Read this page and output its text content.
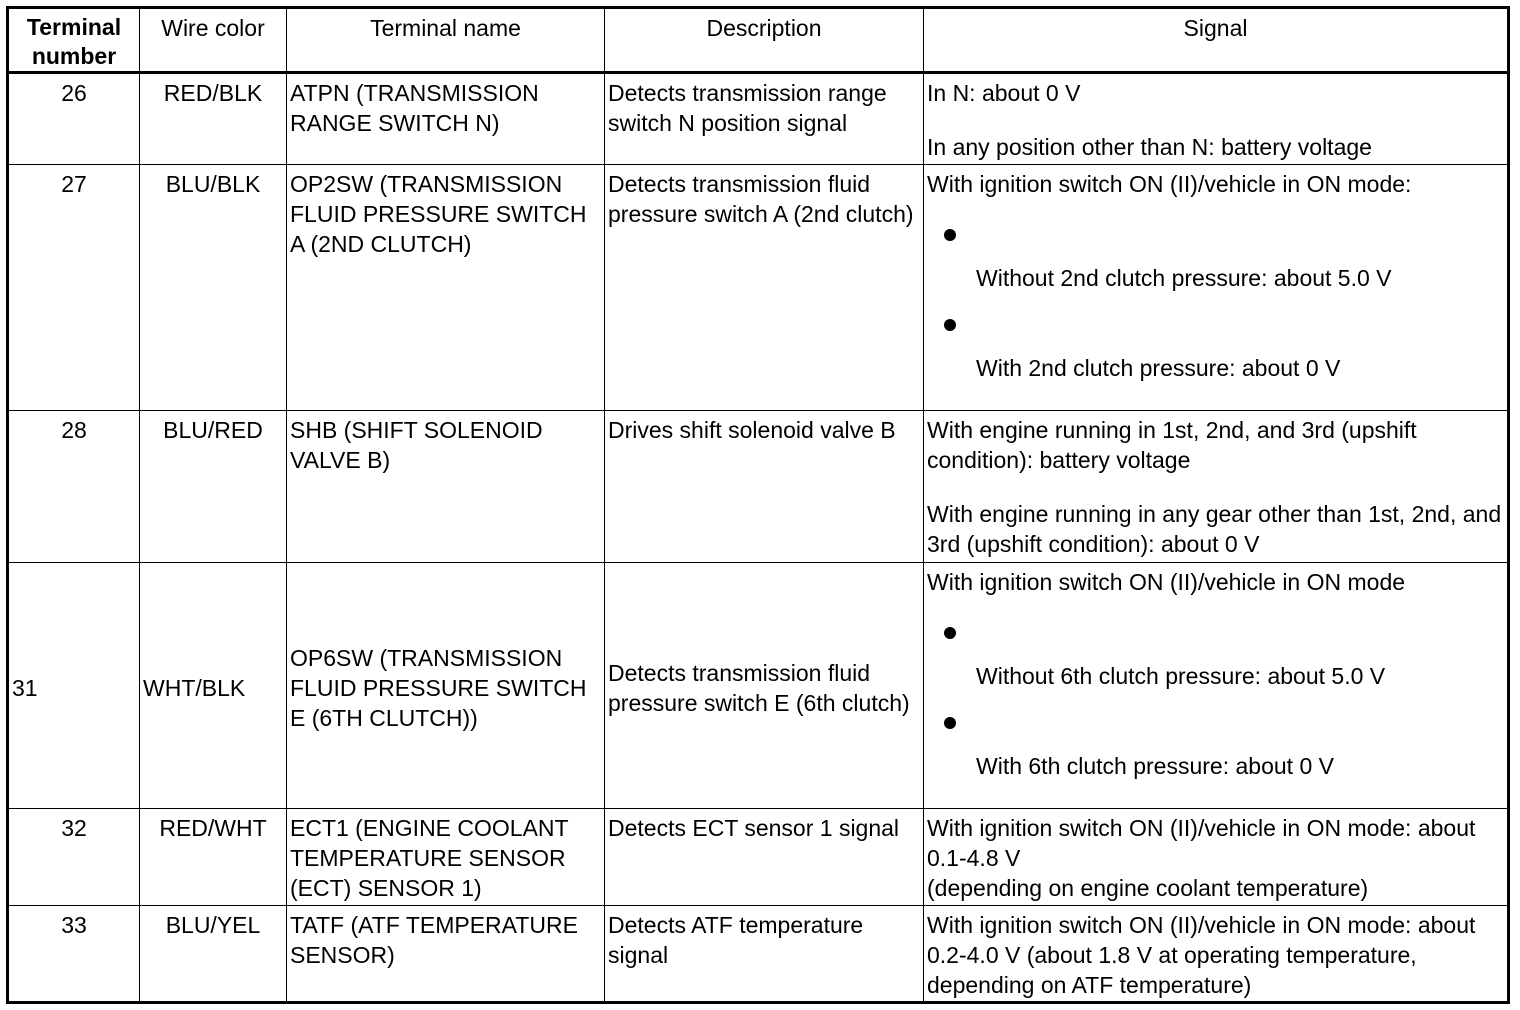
Terminal number	Wire color	Terminal name	Description	Signal
26	RED/BLK	ATPN (TRANSMISSION RANGE SWITCH N)	Detects transmission range switch N position signal	In N: about 0 V

In any position other than N: battery voltage

27	BLU/BLK	OP2SW (TRANSMISSION FLUID PRESSURE SWITCH A (2ND CLUTCH)	Detects transmission fluid pressure switch A (2nd clutch)	With ignition switch ON (II)/vehicle in ON mode:

Without 2nd clutch pressure: about 5.0 V
With 2nd clutch pressure: about 0 V

28	BLU/RED	SHB (SHIFT SOLENOID VALVE B)	Drives shift solenoid valve B	With engine running in 1st, 2nd, and 3rd (upshift condition): battery voltage

With engine running in any gear other than 1st, 2nd, and 3rd (upshift condition): about 0 V

31	WHT/BLK	OP6SW (TRANSMISSION FLUID PRESSURE SWITCH E (6TH CLUTCH))	Detects transmission fluid pressure switch E (6th clutch)	With ignition switch ON (II)/vehicle in ON mode

Without 6th clutch pressure: about 5.0 V
With 6th clutch pressure: about 0 V

32	RED/WHT	ECT1 (ENGINE COOLANT TEMPERATURE SENSOR (ECT) SENSOR 1)	Detects ECT sensor 1 signal	With ignition switch ON (II)/vehicle in ON mode: about 0.1-4.8 V

(depending on engine coolant temperature)

33	BLU/YEL	TATF (ATF TEMPERATURE SENSOR)	Detects ATF temperature signal	With ignition switch ON (II)/vehicle in ON mode: about 0.2-4.0 V (about 1.8 V at operating temperature, depending on ATF temperature)
